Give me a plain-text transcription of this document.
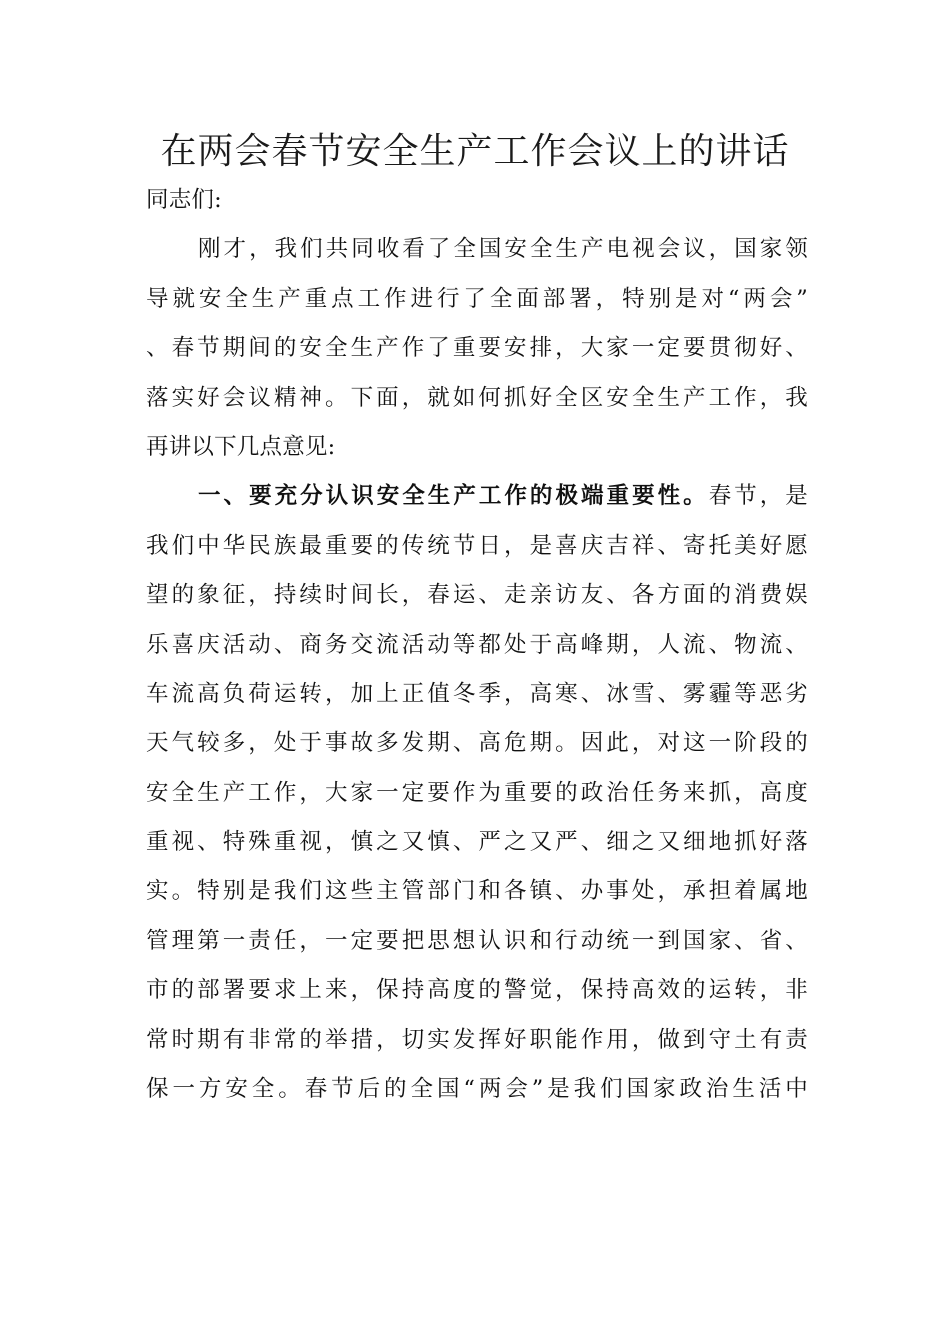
在两会春节安全生产工作会议上的讲话
同志们:
刚才，我们共同收看了全国安全生产电视会议，国家领
导就安全生产重点工作进行了全面部署，特别是对“两会”
、春节期间的安全生产作了重要安排，大家一定要贯彻好、
落实好会议精神。下面，就如何抓好全区安全生产工作，我
再讲以下几点意见:
一、要充分认识安全生产工作的极端重要性。春节，是
我们中华民族最重要的传统节日，是喜庆吉祥、寄托美好愿
望的象征，持续时间长，春运、走亲访友、各方面的消费娱
乐喜庆活动、商务交流活动等都处于高峰期，人流、物流、
车流高负荷运转，加上正值冬季，高寒、冰雪、雾霾等恶劣
天气较多，处于事故多发期、高危期。因此，对这一阶段的
安全生产工作，大家一定要作为重要的政治任务来抓，高度
重视、特殊重视，慎之又慎、严之又严、细之又细地抓好落
实。特别是我们这些主管部门和各镇、办事处，承担着属地
管理第一责任，一定要把思想认识和行动统一到国家、省、
市的部署要求上来，保持高度的警觉，保持高效的运转，非
常时期有非常的举措，切实发挥好职能作用，做到守土有责
保一方安全。春节后的全国“两会”是我们国家政治生活中
